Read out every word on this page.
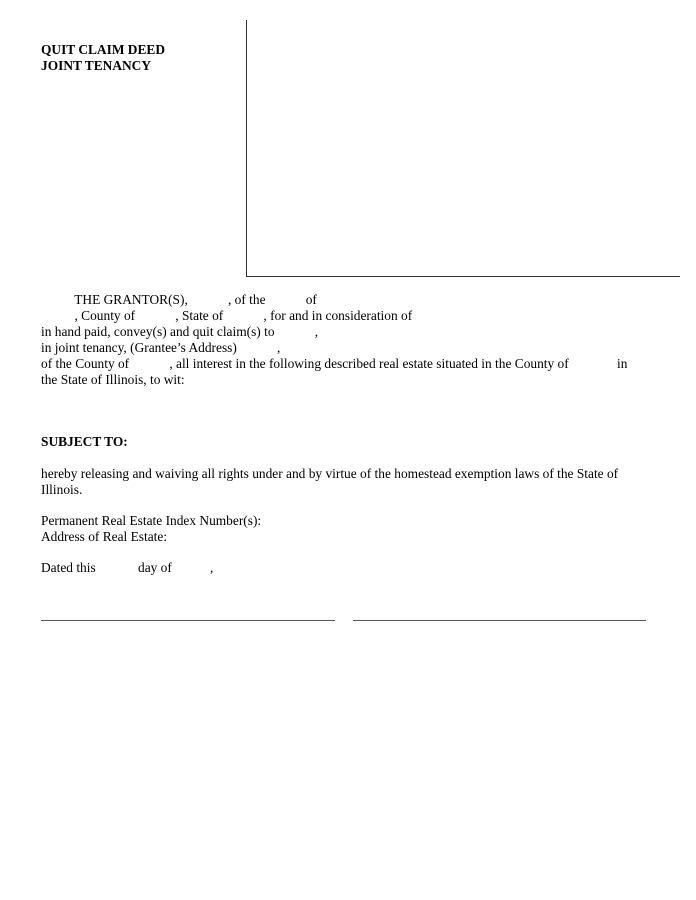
QUIT CLAIM DEED
JOINT TENANCY
THE GRANTOR(S),            , of the            of
, County of            , State of            , for and in consideration of
in hand paid, convey(s) and quit claim(s) to            ,
in joint tenancy, (Grantee’s Address)            ,
of the County of            , all interest in the following described real estate situated in the County of	in
the State of Illinois, to wit:
SUBJECT TO:
hereby releasing and waiving all rights under and by virtue of the homestead exemption laws of the State of
Illinois.
Permanent Real Estate Index Number(s):
Address of Real Estate:
Dated this	day of	,
